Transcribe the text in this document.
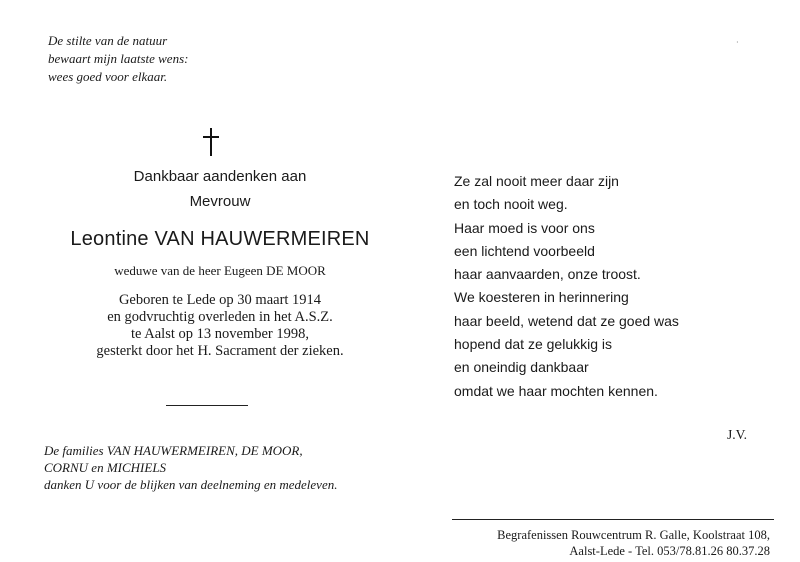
De stilte van de natuur
bewaart mijn laatste wens:
wees goed voor elkaar.
·
Dankbaar aandenken aan
Mevrouw
Leontine VAN HAUWERMEIREN
weduwe van de heer Eugeen DE MOOR
Geboren te Lede op 30 maart 1914
en godvruchtig overleden in het A.S.Z.
te Aalst op 13 november 1998,
gesterkt door het H. Sacrament der zieken.
De families VAN HAUWERMEIREN, DE MOOR,
CORNU en MICHIELS
danken U voor de blijken van deelneming en medeleven.
Ze zal nooit meer daar zijn
en toch nooit weg.
Haar moed is voor ons
een lichtend voorbeeld
haar aanvaarden, onze troost.
We koesteren in herinnering
haar beeld, wetend dat ze goed was
hopend dat ze gelukkig is
en oneindig dankbaar
omdat we haar mochten kennen.
J.V.
Begrafenissen Rouwcentrum R. Galle, Koolstraat 108,
Aalst-Lede - Tel. 053/78.81.26 80.37.28
